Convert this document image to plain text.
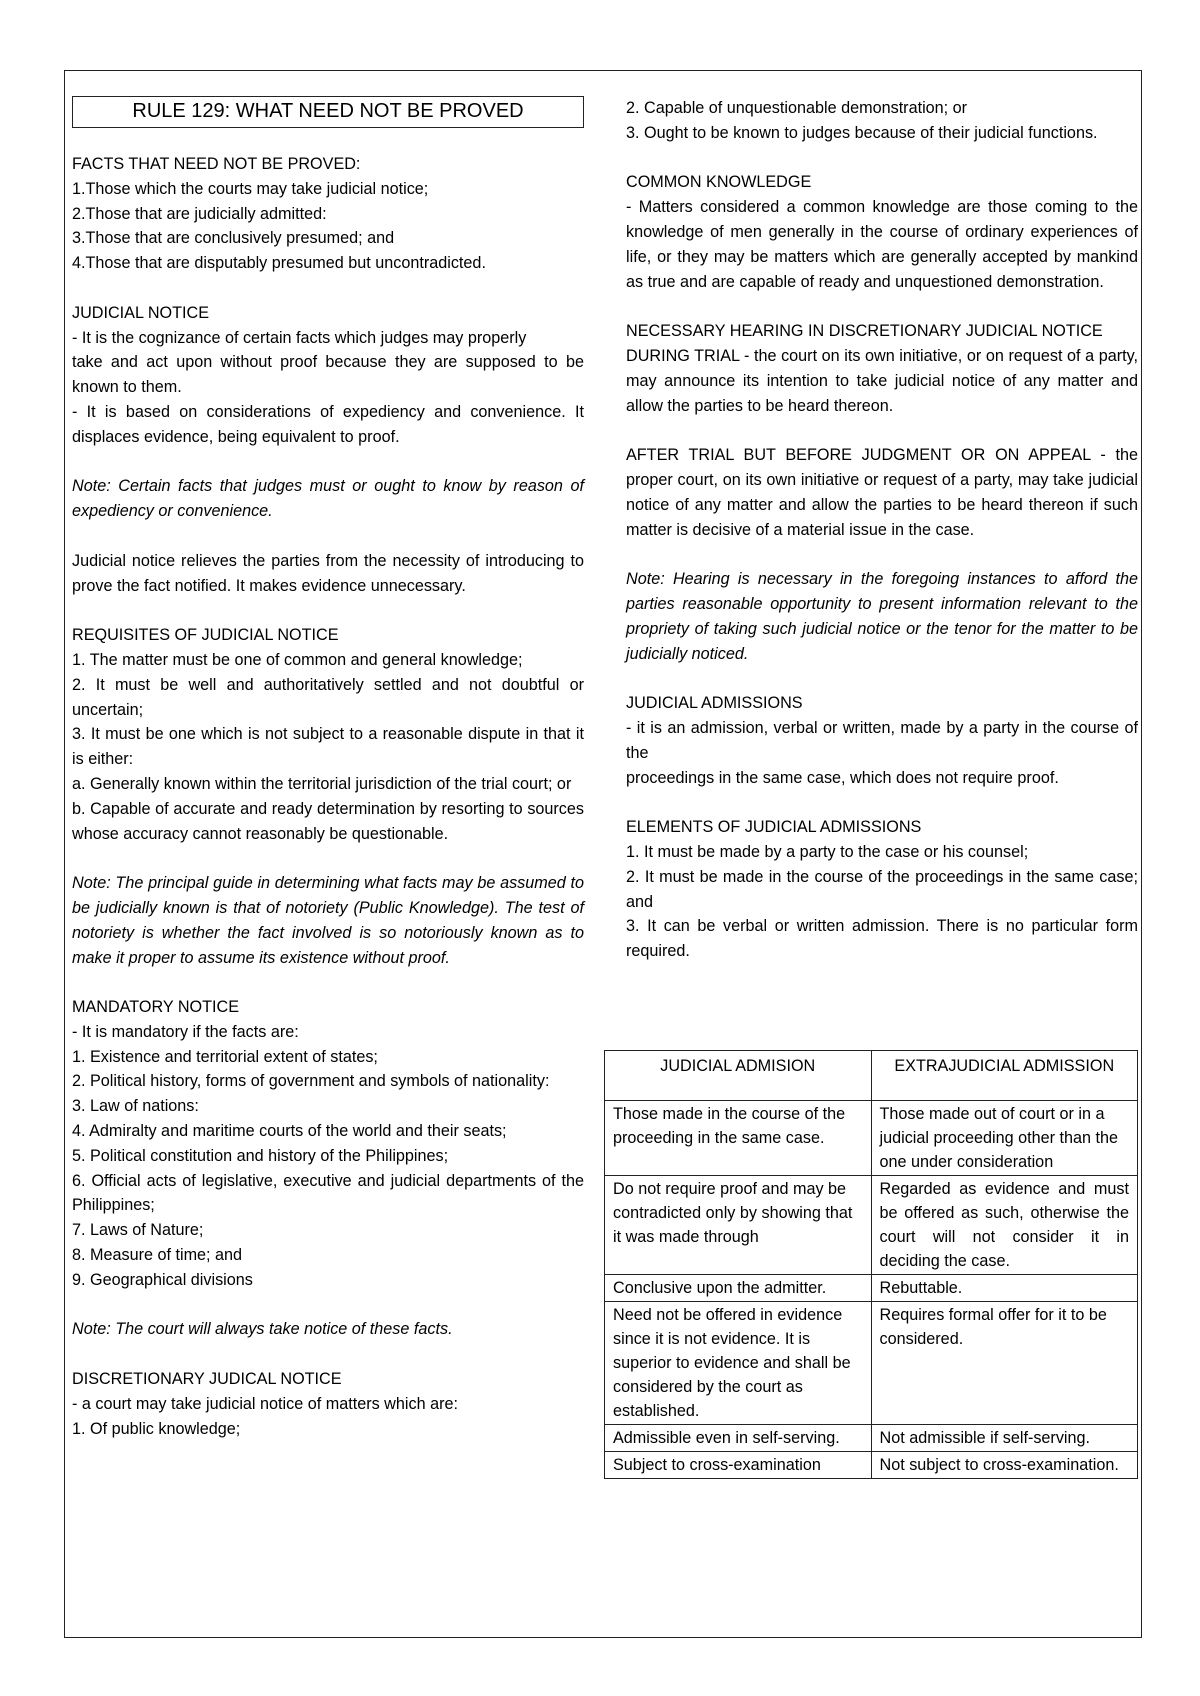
RULE 129: WHAT NEED NOT BE PROVED

FACTS THAT NEED NOT BE PROVED:

1.Those which the courts may take judicial notice;

2.Those that are judicially admitted:

3.Those that are conclusively presumed; and

4.Those that are disputably presumed but uncontradicted.

JUDICIAL NOTICE

- It is the cognizance of certain facts which judges may properly

take and act upon without proof because they are supposed to be known to them.

- It is based on considerations of expediency and convenience. It displaces evidence, being equivalent to proof.

Note: Certain facts that judges must or ought to know by reason of expediency or convenience.

Judicial notice relieves the parties from the necessity of introducing to prove the fact notified. It makes evidence unnecessary.

REQUISITES OF JUDICIAL NOTICE

1. The matter must be one of common and general knowledge;

2. It must be well and authoritatively settled and not doubtful or uncertain;

3. It must be one which is not subject to a reasonable dispute in that it is either:

a. Generally known within the territorial jurisdiction of the trial court; or

b. Capable of accurate and ready determination by resorting to sources whose accuracy cannot reasonably be questionable.

Note: The principal guide in determining what facts may be assumed to be judicially known is that of notoriety (Public Knowledge). The test of notoriety is whether the fact involved is so notoriously known as to make it proper to assume its existence without proof.

MANDATORY NOTICE

- It is mandatory if the facts are:

1. Existence and territorial extent of states;

2. Political history, forms of government and symbols of nationality:

3. Law of nations:

4. Admiralty and maritime courts of the world and their seats;

5. Political constitution and history of the Philippines;

6. Official acts of legislative, executive and judicial departments of the Philippines;

7. Laws of Nature;

8. Measure of time; and

9. Geographical divisions

Note: The court will always take notice of these facts.

DISCRETIONARY JUDICAL NOTICE

- a court may take judicial notice of matters which are:

1. Of public knowledge;

2. Capable of unquestionable demonstration; or

3. Ought to be known to judges because of their judicial functions.

COMMON KNOWLEDGE

- Matters considered a common knowledge are those coming to the knowledge of men generally in the course of ordinary experiences of life, or they may be matters which are generally accepted by mankind as true and are capable of ready and unquestioned demonstration.

NECESSARY HEARING IN DISCRETIONARY JUDICIAL NOTICE

DURING TRIAL - the court on its own initiative, or on request of a party, may announce its intention to take judicial notice of any matter and allow the parties to be heard thereon.

AFTER TRIAL BUT BEFORE JUDGMENT OR ON APPEAL - the proper court, on its own initiative or request of a party, may take judicial notice of any matter and allow the parties to be heard thereon if such matter is decisive of a material issue in the case.

Note: Hearing is necessary in the foregoing instances to afford the parties reasonable opportunity to present information relevant to the propriety of taking such judicial notice or the tenor for the matter to be judicially noticed.

JUDICIAL ADMISSIONS

- it is an admission, verbal or written, made by a party in the course of the

proceedings in the same case, which does not require proof.

ELEMENTS OF JUDICIAL ADMISSIONS

1. It must be made by a party to the case or his counsel;

2. It must be made in the course of the proceedings in the same case; and

3. It can be verbal or written admission. There is no particular form required.

JUDICIAL ADMISION	EXTRAJUDICIAL ADMISSION
Those made in the course of the proceeding in the same case.	Those made out of court or in a judicial proceeding other than the one under consideration
Do not require proof and may be contradicted only by showing that it was made through	Regarded as evidence and must be offered as such, otherwise the court will not consider it in deciding the case.
Conclusive upon the admitter.	Rebuttable.
Need not be offered in evidence since it is not evidence. It is superior to evidence and shall be considered by the court as established.	Requires formal offer for it to be considered.
Admissible even in self-serving.	Not admissible if self-serving.
Subject to cross-examination	Not subject to cross-examination.
